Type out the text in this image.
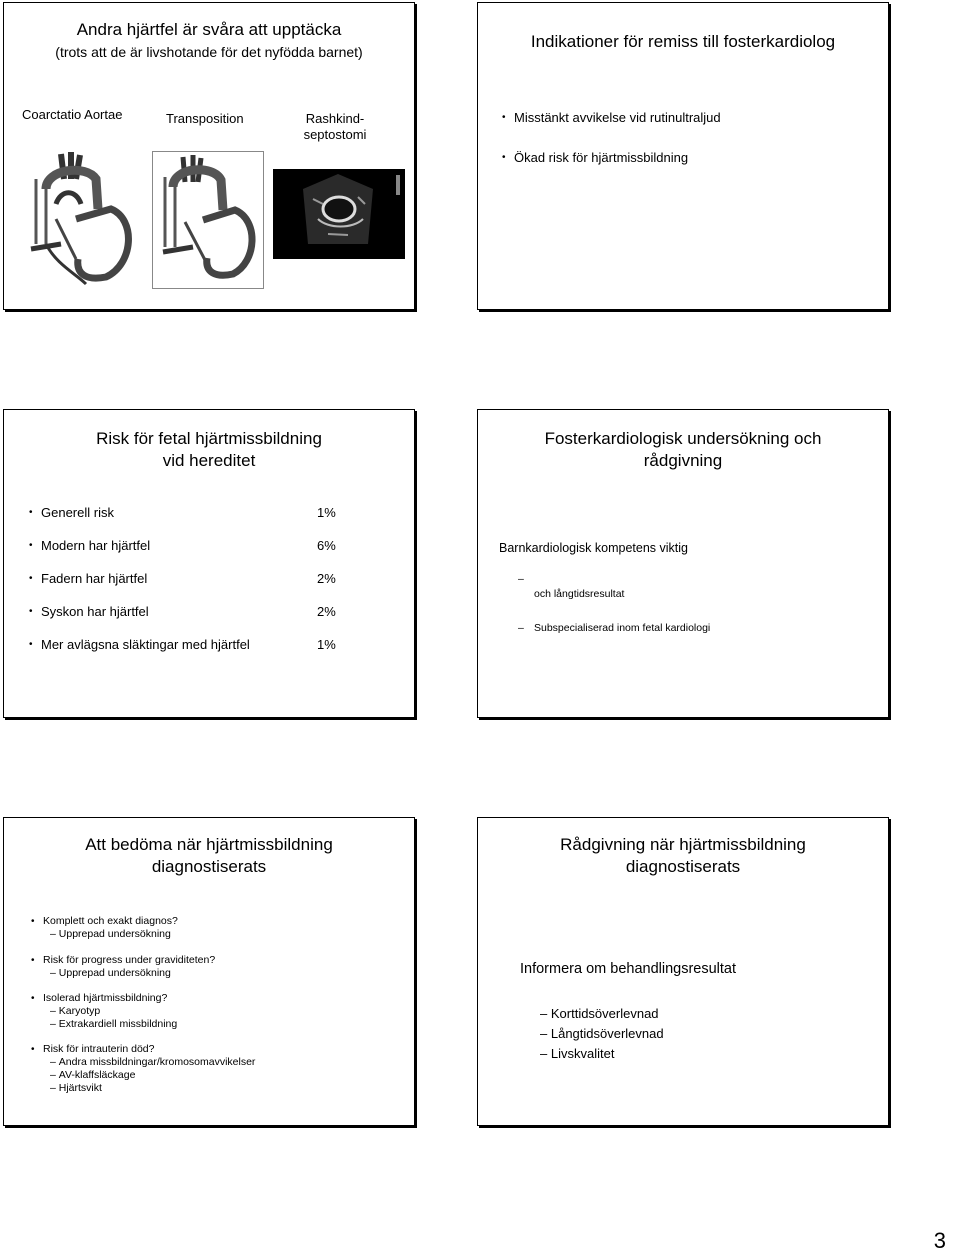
Andra hjärtfel är svåra att upptäcka
(trots att de är livshotande för det nyfödda barnet)
Coarctatio Aortae	Transposition	Rashkind-
septostomi
Indikationer för remiss till fosterkardiolog
• Misstänkt avvikelse vid rutinultraljud
• Ökad risk för hjärtmissbildning
Risk för fetal hjärtmissbildning
vid hereditet
• Generell risk	1%
• Modern har hjärtfel	6%
• Fadern har hjärtfel	2%
• Syskon har hjärtfel	2%
• Mer avlägsna släktingar med hjärtfel	1%
Fosterkardiologisk undersökning och
rådgivning
Barnkardiologisk kompetens viktig
–
och långtidsresultat
– Subspecialiserad inom fetal kardiologi
Att bedöma när hjärtmissbildning
diagnostiserats
• Komplett och exakt diagnos?
– Upprepad undersökning
• Risk för progress under graviditeten?
– Upprepad undersökning
• Isolerad hjärtmissbildning?
– Karyotyp
– Extrakardiell missbildning
• Risk för intrauterin död?
– Andra missbildningar/kromosomavvikelser
– AV-klaffsläckage
– Hjärtsvikt
Rådgivning när hjärtmissbildning
diagnostiserats
Informera om behandlingsresultat
– Korttidsöverlevnad
– Långtidsöverlevnad
– Livskvalitet
3
